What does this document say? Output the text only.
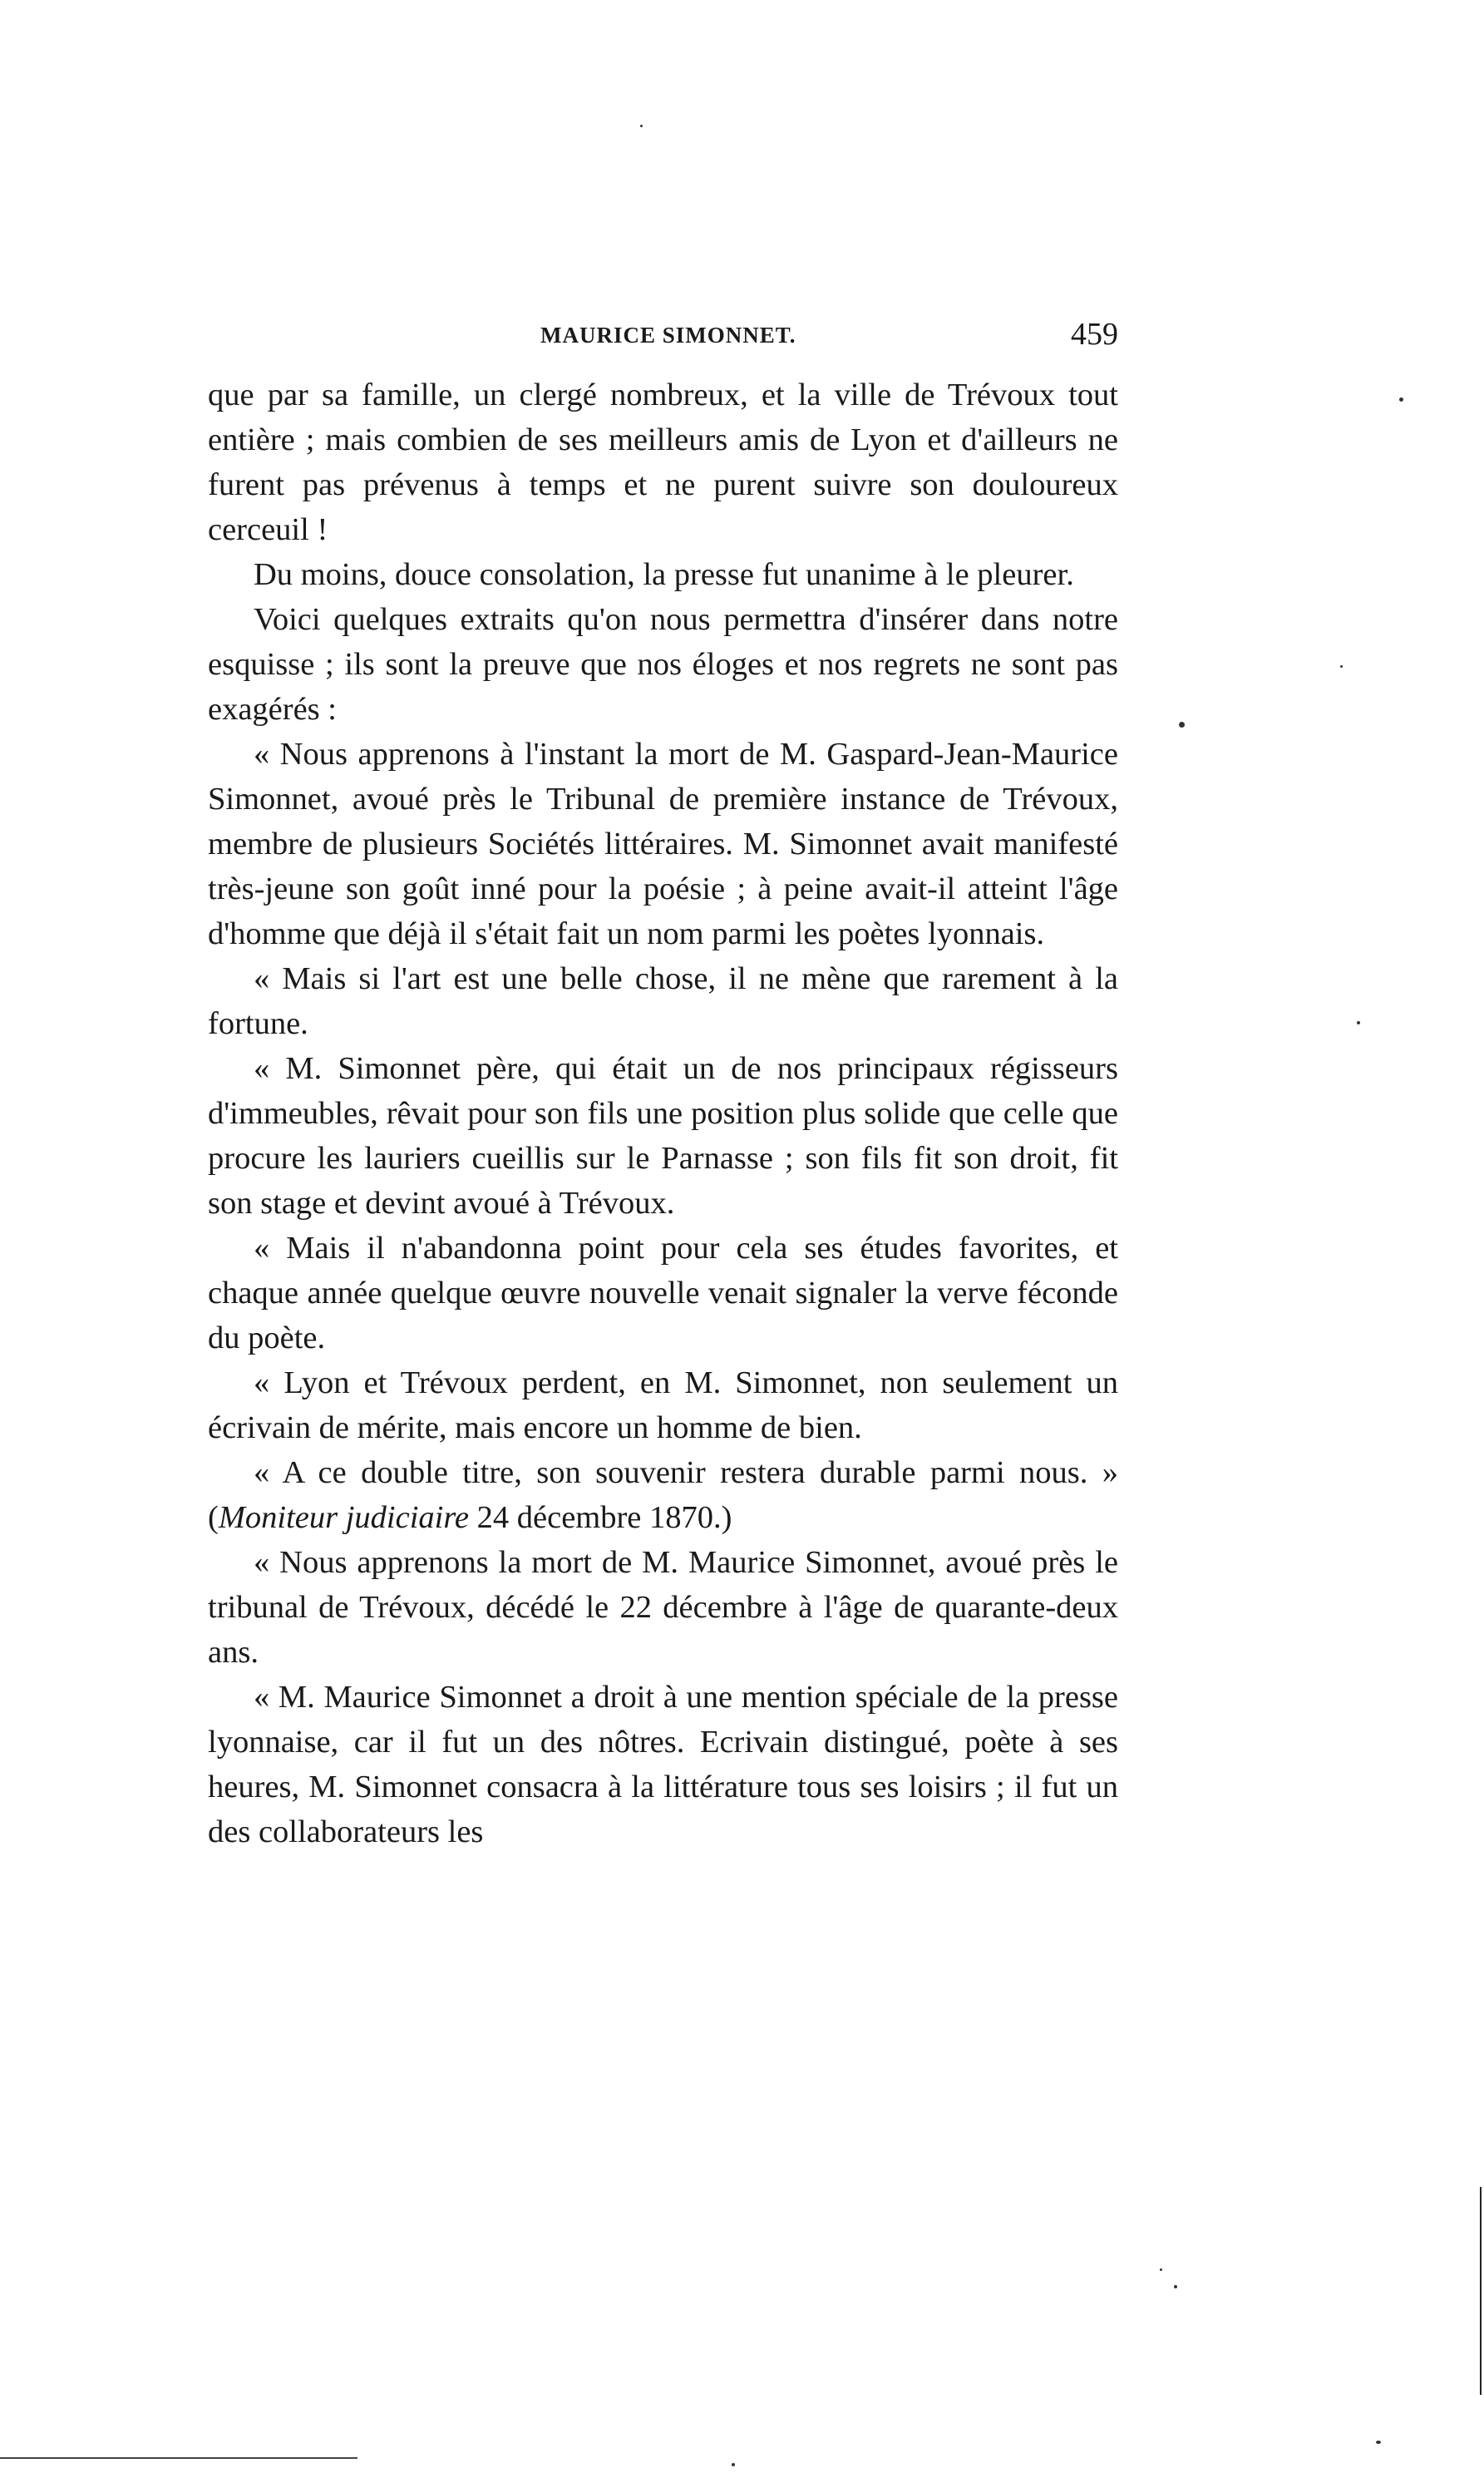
MAURICE SIMONNET.	459

que par sa famille, un clergé nombreux, et la ville de Trévoux tout entière ; mais combien de ses meilleurs amis de Lyon et d'ailleurs ne furent pas prévenus à temps et ne purent suivre son douloureux cerceuil !

Du moins, douce consolation, la presse fut unanime à le pleurer.

Voici quelques extraits qu'on nous permettra d'insérer dans notre esquisse ; ils sont la preuve que nos éloges et nos regrets ne sont pas exagérés :

« Nous apprenons à l'instant la mort de M. Gaspard-Jean-Maurice Simonnet, avoué près le Tribunal de première instance de Trévoux, membre de plusieurs Sociétés littéraires. M. Simonnet avait manifesté très-jeune son goût inné pour la poésie ; à peine avait-il atteint l'âge d'homme que déjà il s'était fait un nom parmi les poètes lyonnais.

« Mais si l'art est une belle chose, il ne mène que rarement à la fortune.

« M. Simonnet père, qui était un de nos principaux régisseurs d'immeubles, rêvait pour son fils une position plus solide que celle que procure les lauriers cueillis sur le Parnasse ; son fils fit son droit, fit son stage et devint avoué à Trévoux.

« Mais il n'abandonna point pour cela ses études favorites, et chaque année quelque œuvre nouvelle venait signaler la verve féconde du poète.

« Lyon et Trévoux perdent, en M. Simonnet, non seulement un écrivain de mérite, mais encore un homme de bien.

« A ce double titre, son souvenir restera durable parmi nous. » (Moniteur judiciaire 24 décembre 1870.)

« Nous apprenons la mort de M. Maurice Simonnet, avoué près le tribunal de Trévoux, décédé le 22 décembre à l'âge de quarante-deux ans.

« M. Maurice Simonnet a droit à une mention spéciale de la presse lyonnaise, car il fut un des nôtres. Ecrivain distingué, poète à ses heures, M. Simonnet consacra à la littérature tous ses loisirs ; il fut un des collaborateurs les
